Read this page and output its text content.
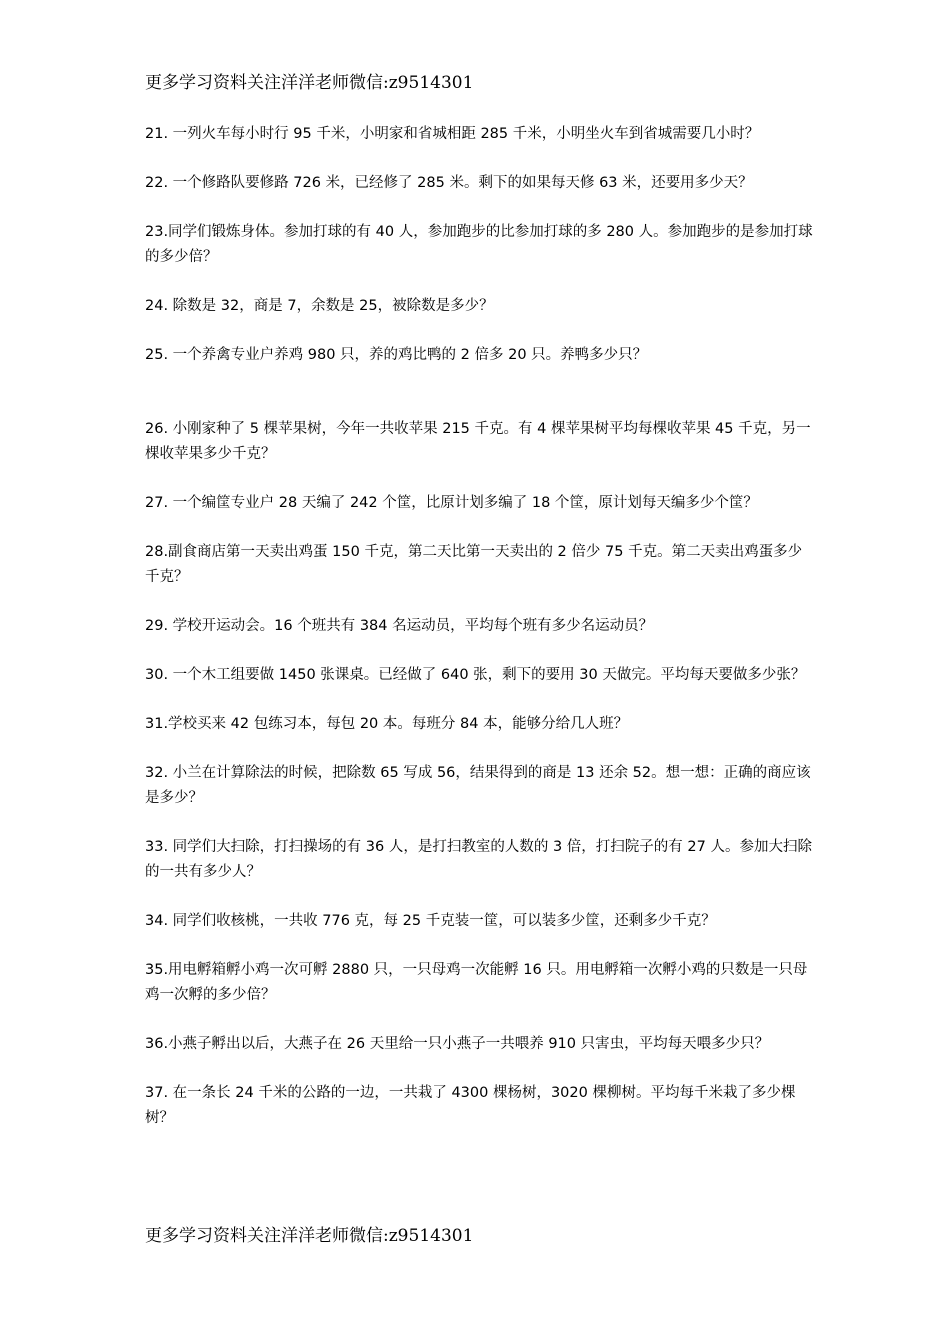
更多学习资料关注洋洋老师微信:z9514301

21. 一列火车每小时行 95 千米，小明家和省城相距 285 千米，小明坐火车到省城需要几小时？

22. 一个修路队要修路 726 米，已经修了 285 米。剩下的如果每天修 63 米，还要用多少天？

23.同学们锻炼身体。参加打球的有 40 人，参加跑步的比参加打球的多 280 人。参加跑步的是参加打球的多少倍？

24. 除数是 32，商是 7，余数是 25，被除数是多少？

25. 一个养禽专业户养鸡 980 只，养的鸡比鸭的 2 倍多 20 只。养鸭多少只？

26. 小刚家种了 5 棵苹果树，今年一共收苹果 215 千克。有 4 棵苹果树平均每棵收苹果 45 千克，另一棵收苹果多少千克？

27. 一个编筐专业户 28 天编了 242 个筐，比原计划多编了 18 个筐，原计划每天编多少个筐？

28.副食商店第一天卖出鸡蛋 150 千克，第二天比第一天卖出的 2 倍少 75 千克。第二天卖出鸡蛋多少千克？

29. 学校开运动会。16 个班共有 384 名运动员，平均每个班有多少名运动员？

30. 一个木工组要做 1450 张课桌。已经做了 640 张，剩下的要用 30 天做完。平均每天要做多少张？

31.学校买来 42 包练习本，每包 20 本。每班分 84 本，能够分给几人班？

32. 小兰在计算除法的时候，把除数 65 写成 56，结果得到的商是 13 还余 52。想一想：正确的商应该是多少？

33. 同学们大扫除，打扫操场的有 36 人，是打扫教室的人数的 3 倍，打扫院子的有 27 人。参加大扫除的一共有多少人？

34. 同学们收核桃，一共收 776 克，每 25 千克装一筐，可以装多少筐，还剩多少千克？

35.用电孵箱孵小鸡一次可孵 2880 只，一只母鸡一次能孵 16 只。用电孵箱一次孵小鸡的只数是一只母鸡一次孵的多少倍？

36.小燕子孵出以后，大燕子在 26 天里给一只小燕子一共喂养 910 只害虫，平均每天喂多少只？

37. 在一条长 24 千米的公路的一边，一共栽了 4300 棵杨树，3020 棵柳树。平均每千米栽了多少棵树？

更多学习资料关注洋洋老师微信:z9514301
